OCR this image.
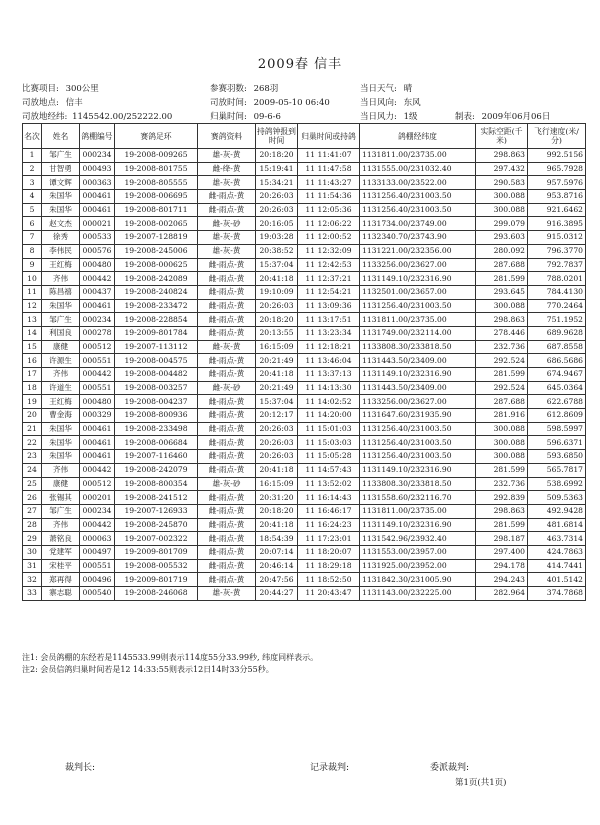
2009春 信丰
比赛项目: 300公里	参赛羽数: 268羽	当日天气: 晴
司放地点: 信丰	司放时间: 2009-05-10 06:40	当日风向: 东风
司放地经纬: 1145542.00/252222.00	归巢时间: 09-6-6	当日风力: 1级	制表: 2009年06月06日
名次	姓名	鸽棚编号	赛鸽足环	赛鸽资料	持鸽钟报到时间	归巢时间或持鸽	鸽棚经纬度	实际空距(千米)	飞行速度(米/分)
1	邹广生	000234	19-2008-009265	雄-灰-黄	20:18:20	11 11:41:07	1131811.00/23735.00	298.863	992.5156
2	甘智勇	000493	19-2008-801755	雌-绛-黄	15:19:41	11 11:47:58	1131555.00/231032.40	297.432	965.7928
3	谭文辉	000363	19-2008-805555	雄-灰-黄	15:34:21	11 11:43:27	1133133.00/23522.00	290.583	957.5976
4	朱国华	000461	19-2008-006695	雌-雨点-黄	20:26:03	11 11:54:36	1131256.40/231003.50	300.088	953.8716
5	朱国华	000461	19-2008-801711	雌-雨点-黄	20:26:03	11 12:05:36	1131256.40/231003.50	300.088	921.6462
6	赵文杰	000021	19-2008-002065	雌-灰-砂	20:16:05	11 12:06:22	1131734.00/23749.00	299.079	916.3895
7	徐秀	000533	19-2007-128819	雄-灰-黄	19:03:28	11 12:00:52	1132340.70/23743.90	293.603	915.0312
8	李伟民	000576	19-2008-245006	雄-灰-黄	20:38:52	11 12:32:09	1131221.00/232356.00	280.092	796.3770
9	王红梅	000480	19-2008-000625	雌-雨点-黄	15:37:04	11 12:42:53	1133256.00/23627.00	287.688	792.7837
10	齐伟	000442	19-2008-242089	雌-雨点-黄	20:41:18	11 12:37:21	1131149.10/232316.90	281.599	788.0201
11	陈昌禧	000437	19-2008-240824	雌-雨点-黄	19:10:09	11 12:54:21	1132501.00/23657.00	293.645	784.4130
12	朱国华	000461	19-2008-233472	雌-雨点-黄	20:26:03	11 13:09:36	1131256.40/231003.50	300.088	770.2464
13	邹广生	000234	19-2008-228854	雌-雨点-黄	20:18:20	11 13:17:51	1131811.00/23735.00	298.863	751.1952
14	利国良	000278	19-2009-801784	雌-雨点-黄	20:13:55	11 13:23:34	1131749.00/232114.00	278.446	689.9628
15	康健	000512	19-2007-113112	雌-灰-黄	16:15:09	11 12:18:21	1133808.30/233818.50	232.736	687.8558
16	许源生	000551	19-2008-004575	雌-雨点-黄	20:21:49	11 13:46:04	1131443.50/23409.00	292.524	686.5686
17	齐伟	000442	19-2008-004482	雌-雨点-黄	20:41:18	11 13:37:13	1131149.10/232316.90	281.599	674.9467
18	许道生	000551	19-2008-003257	雌-灰-砂	20:21:49	11 14:13:30	1131443.50/23409.00	292.524	645.0364
19	王红梅	000480	19-2008-004237	雌-雨点-黄	15:37:04	11 14:02:52	1133256.00/23627.00	287.688	622.6788
20	曹金海	000329	19-2008-800936	雌-雨点-黄	20:12:17	11 14:20:00	1131647.60/231935.90	281.916	612.8609
21	朱国华	000461	19-2008-233498	雌-雨点-黄	20:26:03	11 15:01:03	1131256.40/231003.50	300.088	598.5997
22	朱国华	000461	19-2008-006684	雌-雨点-黄	20:26:03	11 15:03:03	1131256.40/231003.50	300.088	596.6371
23	朱国华	000461	19-2007-116460	雌-雨点-黄	20:26:03	11 15:05:28	1131256.40/231003.50	300.088	593.6850
24	齐伟	000442	19-2008-242079	雌-雨点-黄	20:41:18	11 14:57:43	1131149.10/232316.90	281.599	565.7817
25	康健	000512	19-2008-800354	雄-灰-砂	16:15:09	11 13:52:02	1133808.30/233818.50	232.736	538.6992
26	张锡其	000201	19-2008-241512	雌-雨点-黄	20:31:20	11 16:14:43	1131558.60/232116.70	292.839	509.5363
27	邹广生	000234	19-2007-126933	雌-雨点-黄	20:18:20	11 16:46:17	1131811.00/23735.00	298.863	492.9428
28	齐伟	000442	19-2008-245870	雌-雨点-黄	20:41:18	11 16:24:23	1131149.10/232316.90	281.599	481.6814
29	萧铭良	000063	19-2007-002322	雌-雨点-黄	18:54:39	11 17:23:01	1131542.96/23932.40	298.187	463.7314
30	党建军	000497	19-2009-801709	雌-雨点-黄	20:07:14	11 18:20:07	1131553.00/23957.00	297.400	424.7863
31	宋桂平	000551	19-2008-005532	雌-雨点-黄	20:46:14	11 18:29:18	1131925.00/23952.00	294.178	414.7441
32	郑再得	000496	19-2009-801719	雌-雨点-黄	20:47:56	11 18:52:50	1131842.30/231005.90	294.243	401.5142
33	寨志聪	000540	19-2008-246068	雄-灰-黄	20:44:27	11 20:43:47	1131143.00/232225.00	282.964	374.7868
注1: 会员鸽棚的东经若是1145533.99则表示114度55分33.99秒, 纬度同样表示。
注2: 会员信鸽归巢时间若是12 14:33:55则表示12日14时33分55秒。
裁判长:	记录裁判:	委派裁判:
第1页(共1页)
